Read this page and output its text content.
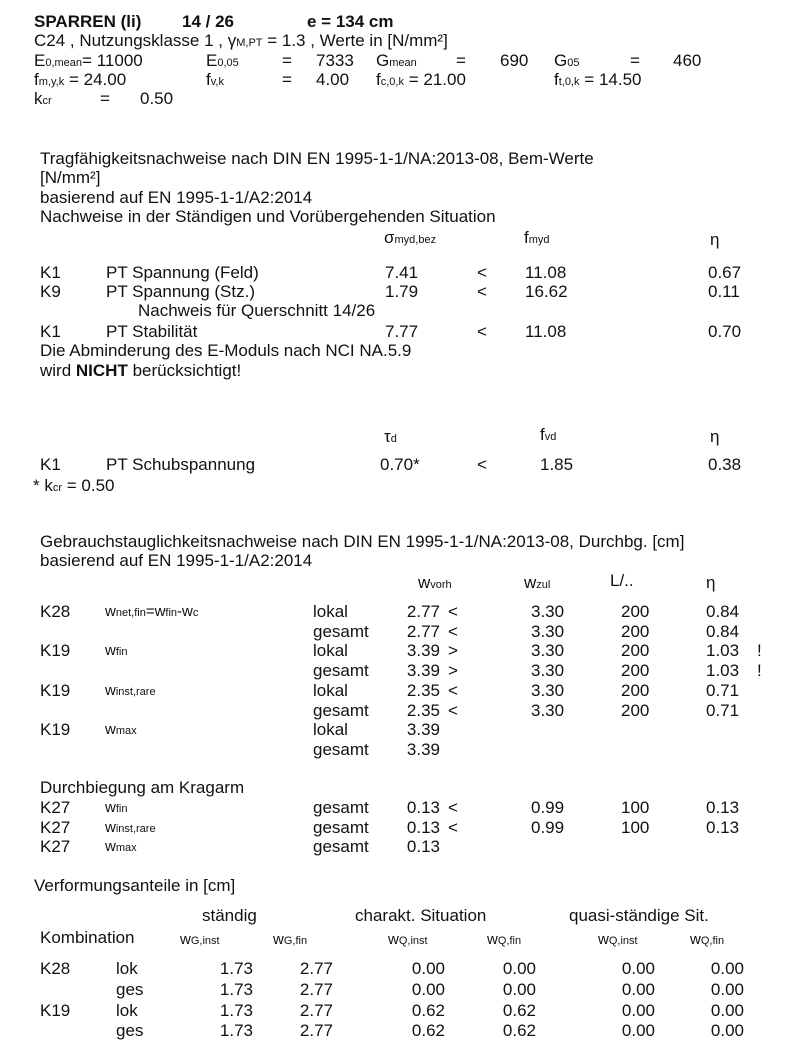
SPARREN (li) 14 / 26	e = 134 cm
C24 , Nutzungsklasse 1 , γM,PT = 1.3 , Werte in [N/mm²]
E0,mean= 11000	E0,05	= 7333 Gmean = 690 G05	= 460
fm,y,k = 24.00	fv,k	= 4.00 fc,0,k = 21.00	ft,0,k = 14.50
kcr	= 0.50
Tragfähigkeitsnachweise nach DIN EN 1995-1-1/NA:2013-08, Bem-Werte
[N/mm²]
basierend auf EN 1995-1-1/A2:2014
Nachweise in der Ständigen und Vorübergehenden Situation
σmyd,bez	fmyd	η
K1	PT Spannung (Feld)	7.41	< 11.08	0.67
K9	PT Spannung (Stz.)	1.79	< 16.62	0.11
Nachweis für Querschnitt 14/26
K1	PT Stabilität	7.77	< 11.08	0.70
Die Abminderung des E-Moduls nach NCI NA.5.9
wird NICHT berücksichtigt!
τd	fvd	η
K1	PT Schubspannung	0.70*	<	1.85	0.38
* kcr = 0.50
Gebrauchstauglichkeitsnachweise nach DIN EN 1995-1-1/NA:2013-08, Durchbg. [cm]
basierend auf EN 1995-1-1/A2:2014
wvorh	wzul	L/..	η
K28 wnet,fin=wfin-wc	lokal	2.77 <	3.30	200	0.84
gesamt	2.77 <	3.30	200	0.84
K19 wfin	lokal	3.39 >	3.30	200	1.03 !
gesamt	3.39 >	3.30	200	1.03 !
K19 winst,rare	lokal	2.35 <	3.30	200	0.71
gesamt	2.35 <	3.30	200	0.71
K19 wmax	lokal	3.39
gesamt	3.39
Durchbiegung am Kragarm
K27 wfin	gesamt	0.13 <	0.99	100	0.13
K27 winst,rare	gesamt	0.13 <	0.99	100	0.13
K27 wmax	gesamt	0.13
Verformungsanteile in [cm]
ständig	charakt. Situation	quasi-ständige Sit.
Kombination	wG,inst	wG,fin	wQ,inst	wQ,fin	wQ,inst	wQ,fin
K28	lok	1.73	2.77	0.00	0.00	0.00	0.00
ges	1.73	2.77	0.00	0.00	0.00	0.00
K19	lok	1.73	2.77	0.62	0.62	0.00	0.00
ges	1.73	2.77	0.62	0.62	0.00	0.00
